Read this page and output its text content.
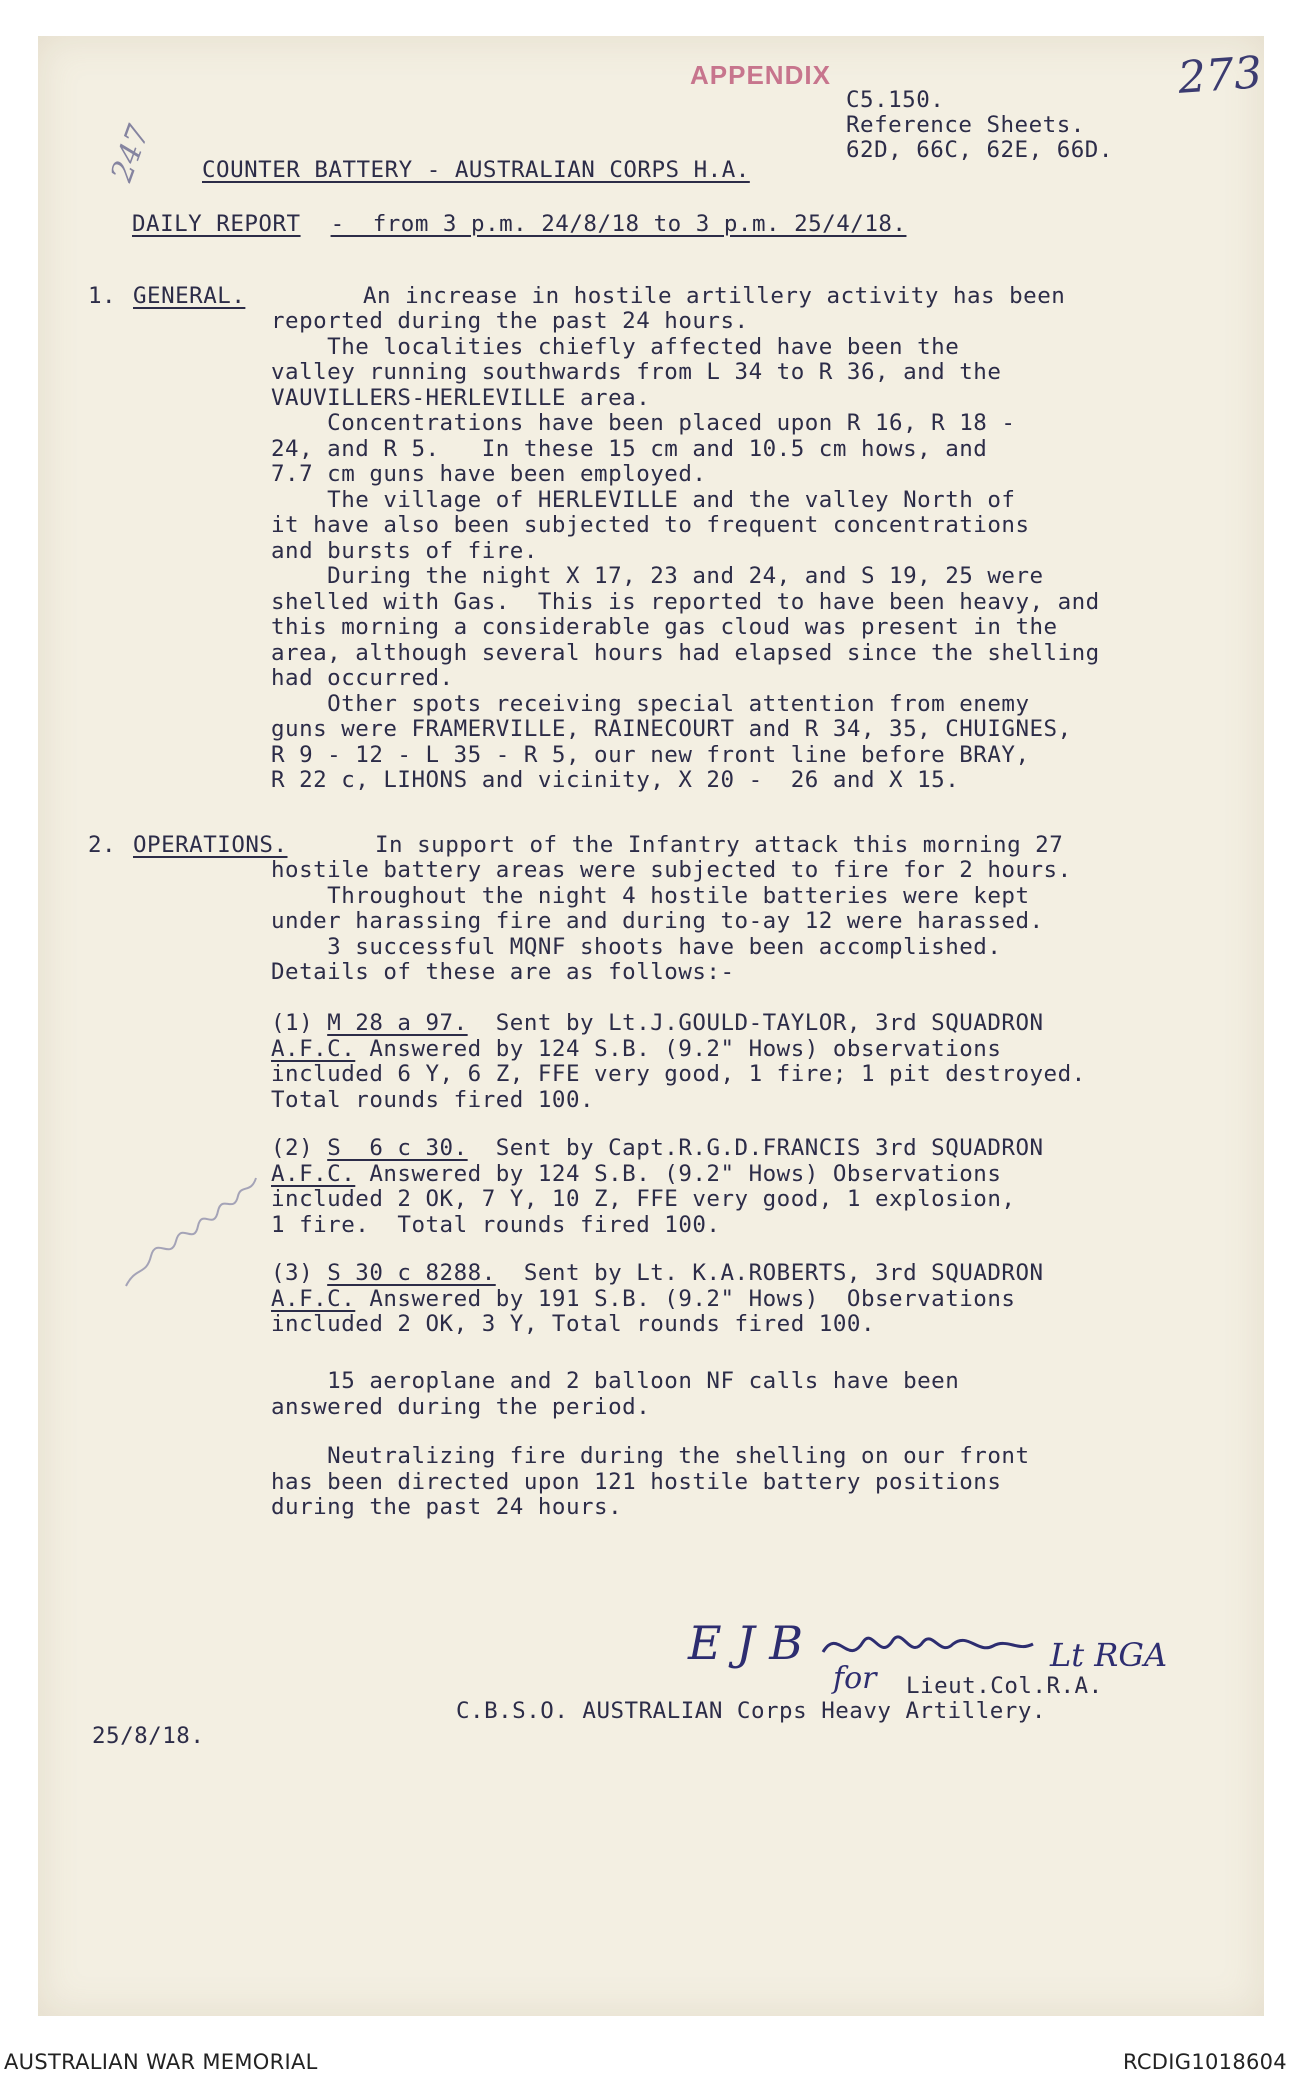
APPENDIX	273
247
C5.150.
Reference Sheets.
62D, 66C, 62E, 66D.
COUNTER BATTERY - AUSTRALIAN CORPS H.A.
DAILY REPORT -  from 3 p.m. 24/8/18 to 3 p.m. 25/4/18.
1. GENERAL.	An increase in hostile artillery activity has been
reported during the past 24 hours.
The localities chiefly affected have been the
valley running southwards from L 34 to R 36, and the
VAUVILLERS-HERLEVILLE area.
Concentrations have been placed upon R 16, R 18 -
24, and R 5.   In these 15 cm and 10.5 cm hows, and
7.7 cm guns have been employed.
The village of HERLEVILLE and the valley North of
it have also been subjected to frequent concentrations
and bursts of fire.
During the night X 17, 23 and 24, and S 19, 25 were
shelled with Gas.  This is reported to have been heavy, and
this morning a considerable gas cloud was present in the
area, although several hours had elapsed since the shelling
had occurred.
Other spots receiving special attention from enemy
guns were FRAMERVILLE, RAINECOURT and R 34, 35, CHUIGNES,
R 9 - 12 - L 35 - R 5, our new front line before BRAY,
R 22 c, LIHONS and vicinity, X 20 -  26 and X 15.
2. OPERATIONS.	In support of the Infantry attack this morning 27
hostile battery areas were subjected to fire for 2 hours.
Throughout the night 4 hostile batteries were kept
under harassing fire and during to-ay 12 were harassed.
3 successful MQNF shoots have been accomplished.
Details of these are as follows:-
(1) M 28 a 97.  Sent by Lt.J.GOULD-TAYLOR, 3rd SQUADRON
A.F.C. Answered by 124 S.B. (9.2" Hows) observations
included 6 Y, 6 Z, FFE very good, 1 fire; 1 pit destroyed.
Total rounds fired 100.
(2) S  6 c 30.  Sent by Capt.R.G.D.FRANCIS 3rd SQUADRON
A.F.C. Answered by 124 S.B. (9.2" Hows) Observations
included 2 OK, 7 Y, 10 Z, FFE very good, 1 explosion,
1 fire.  Total rounds fired 100.
(3) S 30 c 8288.  Sent by Lt. K.A.ROBERTS, 3rd SQUADRON
A.F.C. Answered by 191 S.B. (9.2" Hows)  Observations
included 2 OK, 3 Y, Total rounds fired 100.
15 aeroplane and 2 balloon NF calls have been
answered during the period.
Neutralizing fire during the shelling on our front
has been directed upon 121 hostile battery positions
during the past 24 hours.
E J B
for
Lt RGA
Lieut.Col.R.A.
C.B.S.O. AUSTRALIAN Corps Heavy Artillery.
25/8/18.
AUSTRALIAN WAR MEMORIAL	RCDIG1018604
